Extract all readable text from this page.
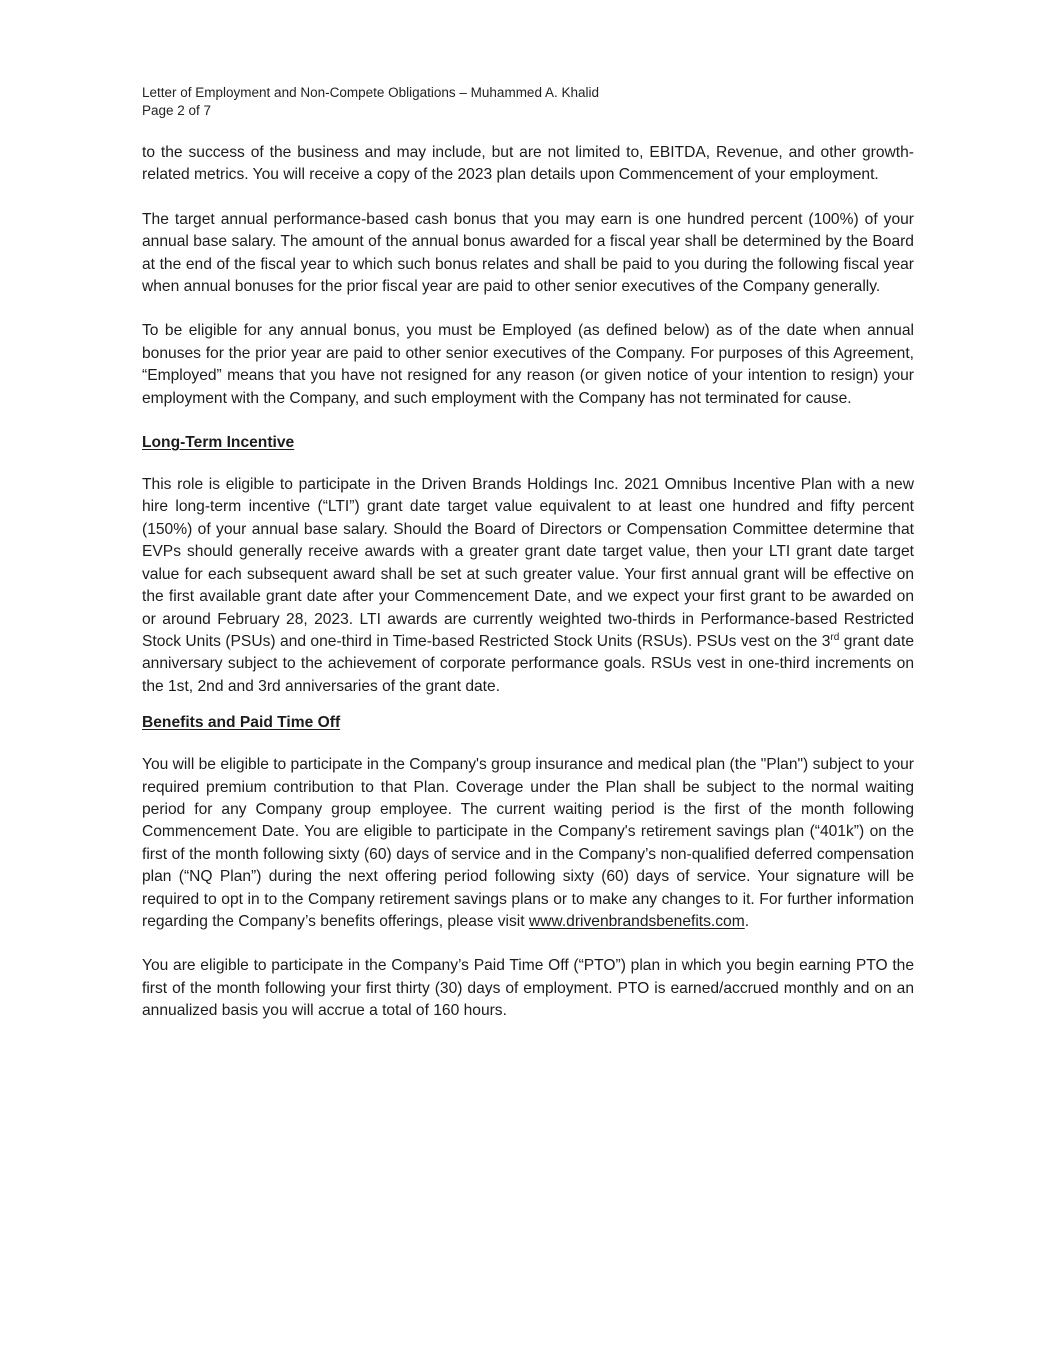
Letter of Employment and Non-Compete Obligations – Muhammed A. Khalid
Page 2 of 7

to the success of the business and may include, but are not limited to, EBITDA, Revenue, and other growth-related metrics. You will receive a copy of the 2023 plan details upon Commencement of your employment.

The target annual performance-based cash bonus that you may earn is one hundred percent (100%) of your annual base salary. The amount of the annual bonus awarded for a fiscal year shall be determined by the Board at the end of the fiscal year to which such bonus relates and shall be paid to you during the following fiscal year when annual bonuses for the prior fiscal year are paid to other senior executives of the Company generally.

To be eligible for any annual bonus, you must be Employed (as defined below) as of the date when annual bonuses for the prior year are paid to other senior executives of the Company. For purposes of this Agreement, “Employed” means that you have not resigned for any reason (or given notice of your intention to resign) your employment with the Company, and such employment with the Company has not terminated for cause.

Long-Term Incentive

This role is eligible to participate in the Driven Brands Holdings Inc. 2021 Omnibus Incentive Plan with a new hire long-term incentive (“LTI”) grant date target value equivalent to at least one hundred and fifty percent (150%) of your annual base salary. Should the Board of Directors or Compensation Committee determine that EVPs should generally receive awards with a greater grant date target value, then your LTI grant date target value for each subsequent award shall be set at such greater value. Your first annual grant will be effective on the first available grant date after your Commencement Date, and we expect your first grant to be awarded on or around February 28, 2023. LTI awards are currently weighted two-thirds in Performance-based Restricted Stock Units (PSUs) and one-third in Time-based Restricted Stock Units (RSUs). PSUs vest on the 3rd grant date anniversary subject to the achievement of corporate performance goals. RSUs vest in one-third increments on the 1st, 2nd and 3rd anniversaries of the grant date.

Benefits and Paid Time Off

You will be eligible to participate in the Company's group insurance and medical plan (the "Plan") subject to your required premium contribution to that Plan. Coverage under the Plan shall be subject to the normal waiting period for any Company group employee. The current waiting period is the first of the month following Commencement Date. You are eligible to participate in the Company's retirement savings plan (“401k”) on the first of the month following sixty (60) days of service and in the Company’s non-qualified deferred compensation plan (“NQ Plan”) during the next offering period following sixty (60) days of service. Your signature will be required to opt in to the Company retirement savings plans or to make any changes to it. For further information regarding the Company’s benefits offerings, please visit www.drivenbrandsbenefits.com.

You are eligible to participate in the Company’s Paid Time Off (“PTO”) plan in which you begin earning PTO the first of the month following your first thirty (30) days of employment. PTO is earned/accrued monthly and on an annualized basis you will accrue a total of 160 hours.
